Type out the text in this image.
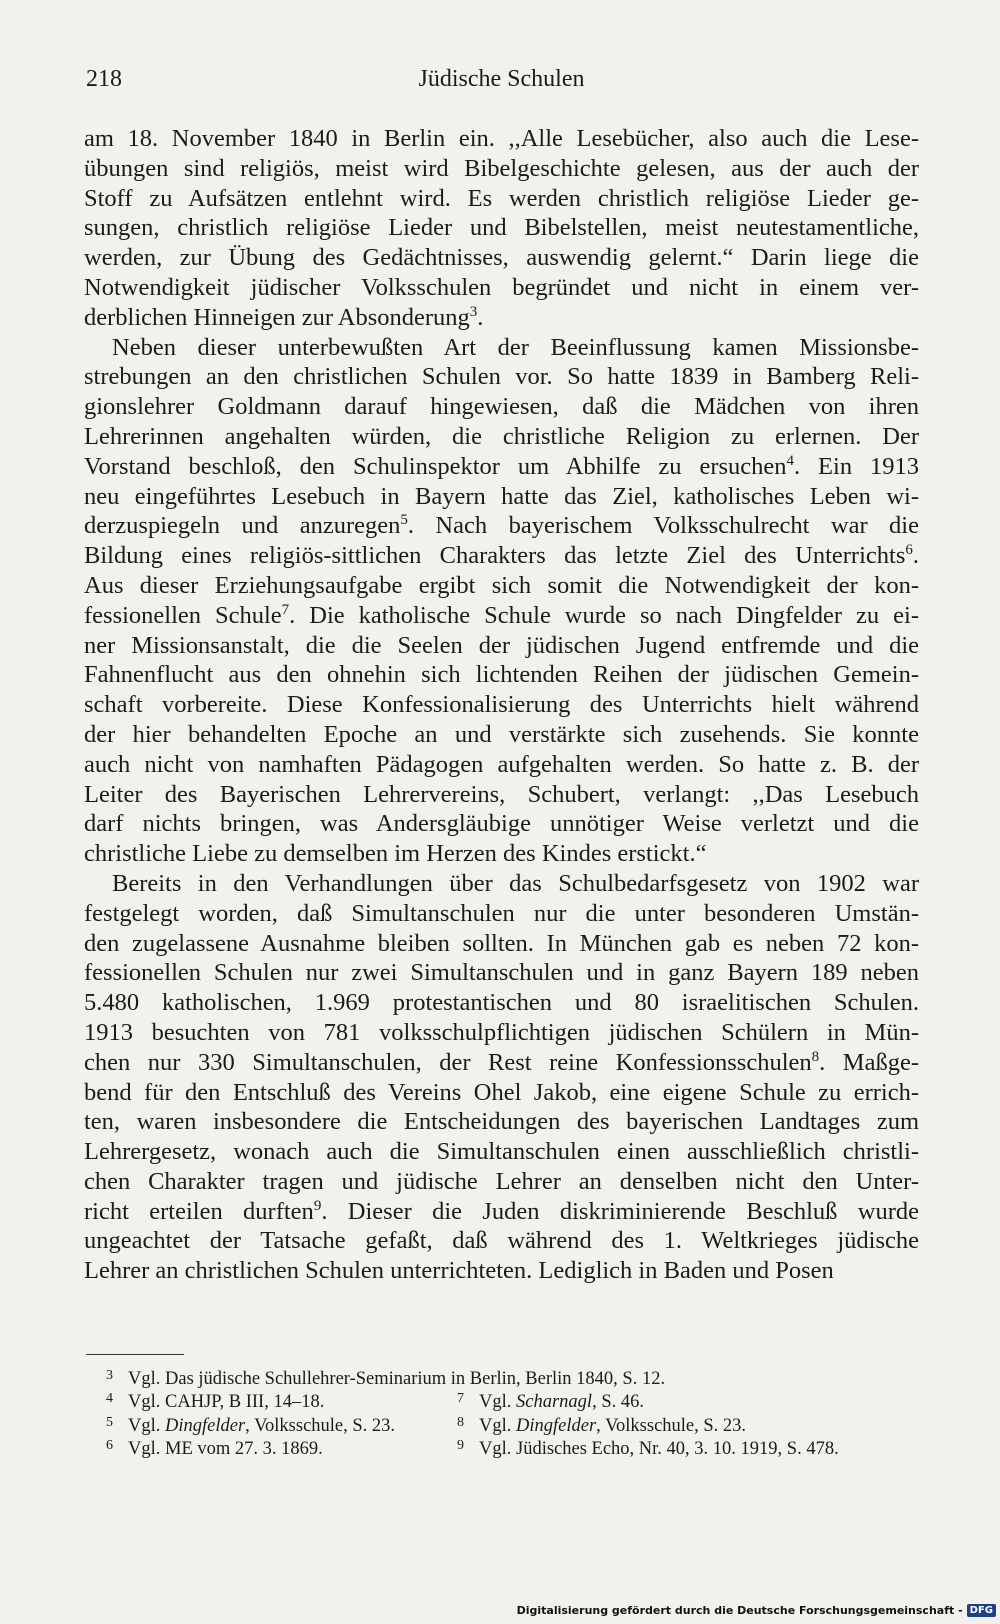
218	Jüdische Schulen
am 18. November 1840 in Berlin ein. ,,Alle Lesebücher, also auch die Lese-
übungen sind religiös, meist wird Bibelgeschichte gelesen, aus der auch der
Stoff zu Aufsätzen entlehnt wird. Es werden christlich religiöse Lieder ge-
sungen, christlich religiöse Lieder und Bibelstellen, meist neutestamentliche,
werden, zur Übung des Gedächtnisses, auswendig gelernt.“ Darin liege die
Notwendigkeit jüdischer Volksschulen begründet und nicht in einem ver-
derblichen Hinneigen zur Absonderung$^3$.
Neben dieser unterbewußten Art der Beeinflussung kamen Missionsbe-
strebungen an den christlichen Schulen vor. So hatte 1839 in Bamberg Reli-
gionslehrer Goldmann darauf hingewiesen, daß die Mädchen von ihren
Lehrerinnen angehalten würden, die christliche Religion zu erlernen. Der
Vorstand beschloß, den Schulinspektor um Abhilfe zu ersuchen$^4$. Ein 1913
neu eingeführtes Lesebuch in Bayern hatte das Ziel, katholisches Leben wi-
derzuspiegeln und anzuregen$^5$. Nach bayerischem Volksschulrecht war die
Bildung eines religiös-sittlichen Charakters das letzte Ziel des Unterrichts$^6$.
Aus dieser Erziehungsaufgabe ergibt sich somit die Notwendigkeit der kon-
fessionellen Schule$^7$. Die katholische Schule wurde so nach Dingfelder zu ei-
ner Missionsanstalt, die die Seelen der jüdischen Jugend entfremde und die
Fahnenflucht aus den ohnehin sich lichtenden Reihen der jüdischen Gemein-
schaft vorbereite. Diese Konfessionalisierung des Unterrichts hielt während
der hier behandelten Epoche an und verstärkte sich zusehends. Sie konnte
auch nicht von namhaften Pädagogen aufgehalten werden. So hatte z. B. der
Leiter des Bayerischen Lehrervereins, Schubert, verlangt: ,,Das Lesebuch
darf nichts bringen, was Andersgläubige unnötiger Weise verletzt und die
christliche Liebe zu demselben im Herzen des Kindes erstickt.“
Bereits in den Verhandlungen über das Schulbedarfsgesetz von 1902 war
festgelegt worden, daß Simultanschulen nur die unter besonderen Umstän-
den zugelassene Ausnahme bleiben sollten. In München gab es neben 72 kon-
fessionellen Schulen nur zwei Simultanschulen und in ganz Bayern 189 neben
5.480 katholischen, 1.969 protestantischen und 80 israelitischen Schulen.
1913 besuchten von 781 volksschulpflichtigen jüdischen Schülern in Mün-
chen nur 330 Simultanschulen, der Rest reine Konfessionsschulen$^8$. Maßge-
bend für den Entschluß des Vereins Ohel Jakob, eine eigene Schule zu errich-
ten, waren insbesondere die Entscheidungen des bayerischen Landtages zum
Lehrergesetz, wonach auch die Simultanschulen einen ausschließlich christli-
chen Charakter tragen und jüdische Lehrer an denselben nicht den Unter-
richt erteilen durften$^9$. Dieser die Juden diskriminierende Beschluß wurde
ungeachtet der Tatsache gefaßt, daß während des 1. Weltkrieges jüdische
Lehrer an christlichen Schulen unterrichteten. Lediglich in Baden und Posen
3 Vgl. Das jüdische Schullehrer-Seminarium in Berlin, Berlin 1840, S. 12.
4 Vgl. CAHJP, B III, 14–18.	7 Vgl. Scharnagl, S. 46.
5 Vgl. Dingfelder, Volksschule, S. 23.	8 Vgl. Dingfelder, Volksschule, S. 23.
6 Vgl. ME vom 27. 3. 1869.	9 Vgl. Jüdisches Echo, Nr. 40, 3. 10. 1919, S. 478.
Digitalisierung gefördert durch die Deutsche Forschungsgemeinschaft - DFG
